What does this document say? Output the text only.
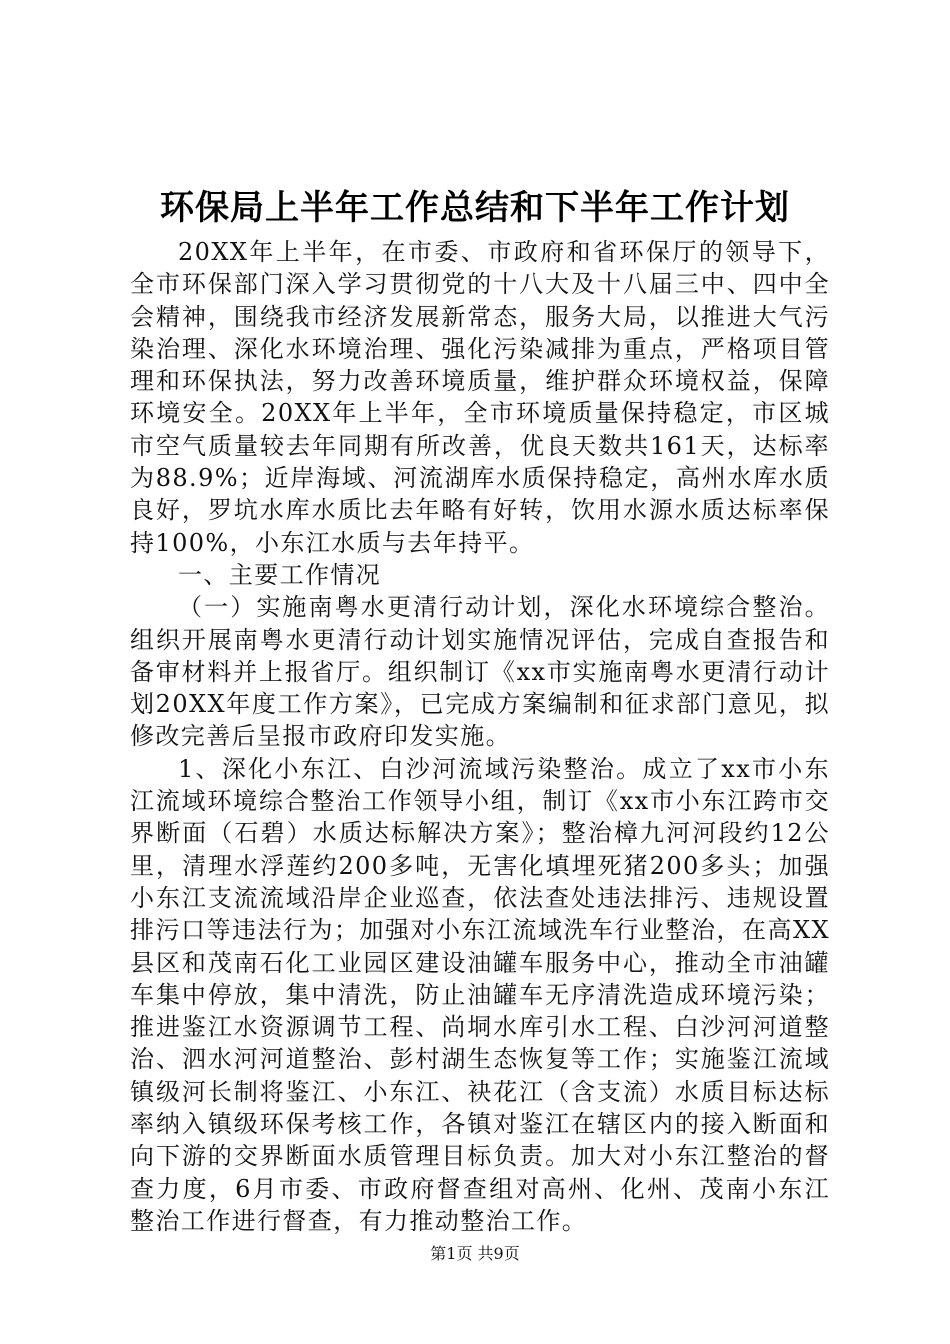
环保局上半年工作总结和下半年工作计划

20XX年上半年，在市委、市政府和省环保厅的领导下，全市环保部门深入学习贯彻党的十八大及十八届三中、四中全会精神，围绕我市经济发展新常态，服务大局，以推进大气污染治理、深化水环境治理、强化污染减排为重点，严格项目管理和环保执法，努力改善环境质量，维护群众环境权益，保障环境安全。20XX年上半年，全市环境质量保持稳定，市区城市空气质量较去年同期有所改善，优良天数共161天，达标率为88.9%；近岸海域、河流湖库水质保持稳定，高州水库水质良好，罗坑水库水质比去年略有好转，饮用水源水质达标率保持100%，小东江水质与去年持平。

一、主要工作情况

（一）实施南粤水更清行动计划，深化水环境综合整治。组织开展南粤水更清行动计划实施情况评估，完成自查报告和备审材料并上报省厅。组织制订《xx市实施南粤水更清行动计划20XX年度工作方案》，已完成方案编制和征求部门意见，拟修改完善后呈报市政府印发实施。

1、深化小东江、白沙河流域污染整治。成立了xx市小东江流域环境综合整治工作领导小组，制订《xx市小东江跨市交界断面（石碧）水质达标解决方案》；整治樟九河河段约12公里，清理水浮莲约200多吨，无害化填埋死猪200多头；加强小东江支流流域沿岸企业巡查，依法查处违法排污、违规设置排污口等违法行为；加强对小东江流域洗车行业整治，在高XX县区和茂南石化工业园区建设油罐车服务中心，推动全市油罐车集中停放，集中清洗，防止油罐车无序清洗造成环境污染；推进鉴江水资源调节工程、尚垌水库引水工程、白沙河河道整治、泗水河河道整治、彭村湖生态恢复等工作；实施鉴江流域镇级河长制将鉴江、小东江、袂花江（含支流）水质目标达标率纳入镇级环保考核工作，各镇对鉴江在辖区内的接入断面和向下游的交界断面水质管理目标负责。加大对小东江整治的督查力度，6月市委、市政府督查组对高州、化州、茂南小东江整治工作进行督查，有力推动整治工作。

第1页 共9页
